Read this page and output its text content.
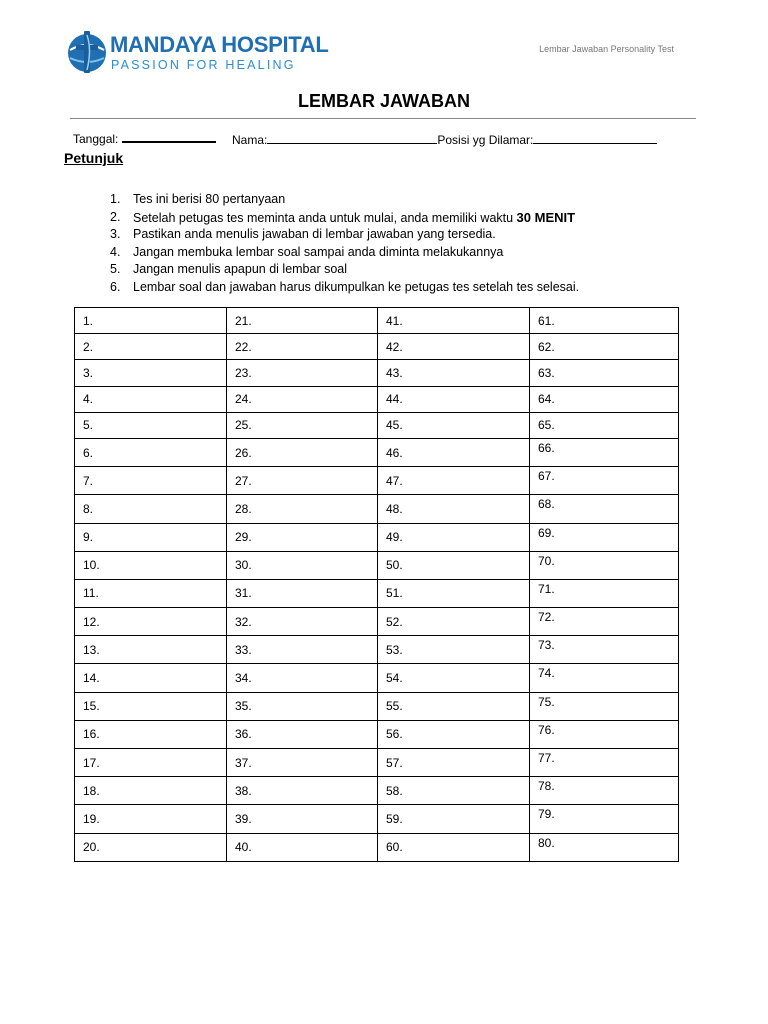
MANDAYA HOSPITAL
PASSION FOR HEALING
Lembar Jawaban Personality Test
LEMBAR JAWABAN
Tanggal:	Nama:	Posisi yg Dilamar:
Petunjuk
1. Tes ini berisi 80 pertanyaan
2. Setelah petugas tes meminta anda untuk mulai, anda memiliki waktu 30 MENIT
3. Pastikan anda menulis jawaban di lembar jawaban yang tersedia.
4. Jangan membuka lembar soal sampai anda diminta melakukannya
5. Jangan menulis apapun di lembar soal
6. Lembar soal dan jawaban harus dikumpulkan ke petugas tes setelah tes selesai.
1.	21.	41.	61.
2.	22.	42.	62.
3.	23.	43.	63.
4.	24.	44.	64.
5.	25.	45.	65.
6.	26.	46.	66.
7.	27.	47.	67.
8.	28.	48.	68.
9.	29.	49.	69.
10.	30.	50.	70.
11.	31.	51.	71.
12.	32.	52.	72.
13.	33.	53.	73.
14.	34.	54.	74.
15.	35.	55.	75.
16.	36.	56.	76.
17.	37.	57.	77.
18.	38.	58.	78.
19.	39.	59.	79.
20.	40.	60.	80.
